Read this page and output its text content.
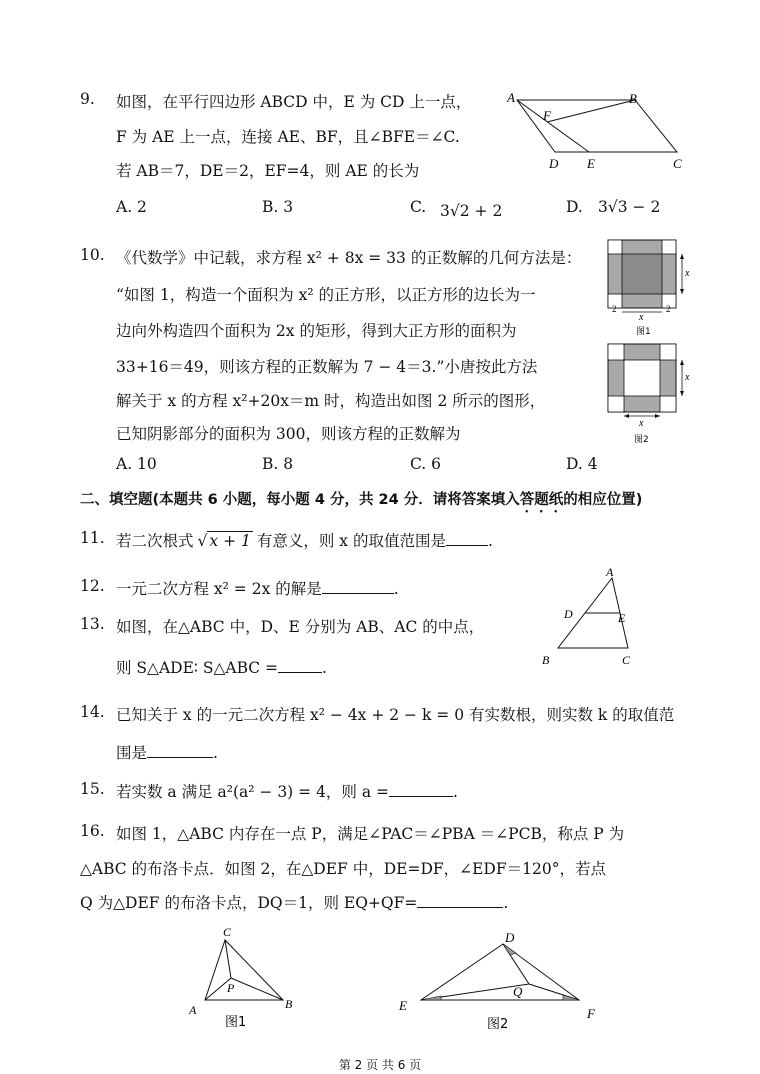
9. 如图，在平行四边形 ABCD 中，E 为 CD 上一点，
F 为 AE 上一点，连接 AE、BF，且∠BFE＝∠C.
若 AB＝7，DE＝2，EF=4，则 AE 的长为
A. 2	B. 3	C. 3√2 + 2	D. 3√3 − 2
A	B
C
D E
F
10. 《代数学》中记载，求方程 x² + 8x = 33 的正数解的几何方法是：
“如图 1，构造一个面积为 x² 的正方形，以正方形的边长为一
边向外构造四个面积为 2x 的矩形，得到大正方形的面积为
33+16＝49，则该方程的正数解为 7 − 4＝3.”小唐按此方法
解关于 x 的方程 x²+20x＝m 时，构造出如图 2 所示的图形，
已知阴影部分的面积为 300，则该方程的正数解为
A. 10	B. 8	C. 6	D. 4
x
x
2	2
图1
x
x
图2
二、填空题(本题共 6 小题，每小题 4 分，共 24 分．请将答案填入答题纸的相应位置)
11. 若二次根式 √ x + 1 有意义，则 x 的取值范围是	.
12. 一元二次方程 x² = 2x 的解是	.
13. 如图，在△ABC 中，D、E 分别为 AB、AC 的中点，
则 S△ADE∶ S△ABC =	.
A
B	C
D	E
14. 已知关于 x 的一元二次方程 x² − 4x + 2 − k = 0 有实数根，则实数 k 的取值范
围是	.
15. 若实数 a 满足 a²(a² − 3) = 4，则 a =	.
16. 如图 1，△ABC 内存在一点 P，满足∠PAC＝∠PBA ＝∠PCB，称点 P 为
△ABC 的布洛卡点．如图 2，在△DEF 中，DE=DF，∠EDF＝120°，若点
Q 为△DEF 的布洛卡点，DQ＝1，则 EQ+QF=	.
C
A	B
P
图1
D
E
F
Q
图2
第 2 页 共 6 页
